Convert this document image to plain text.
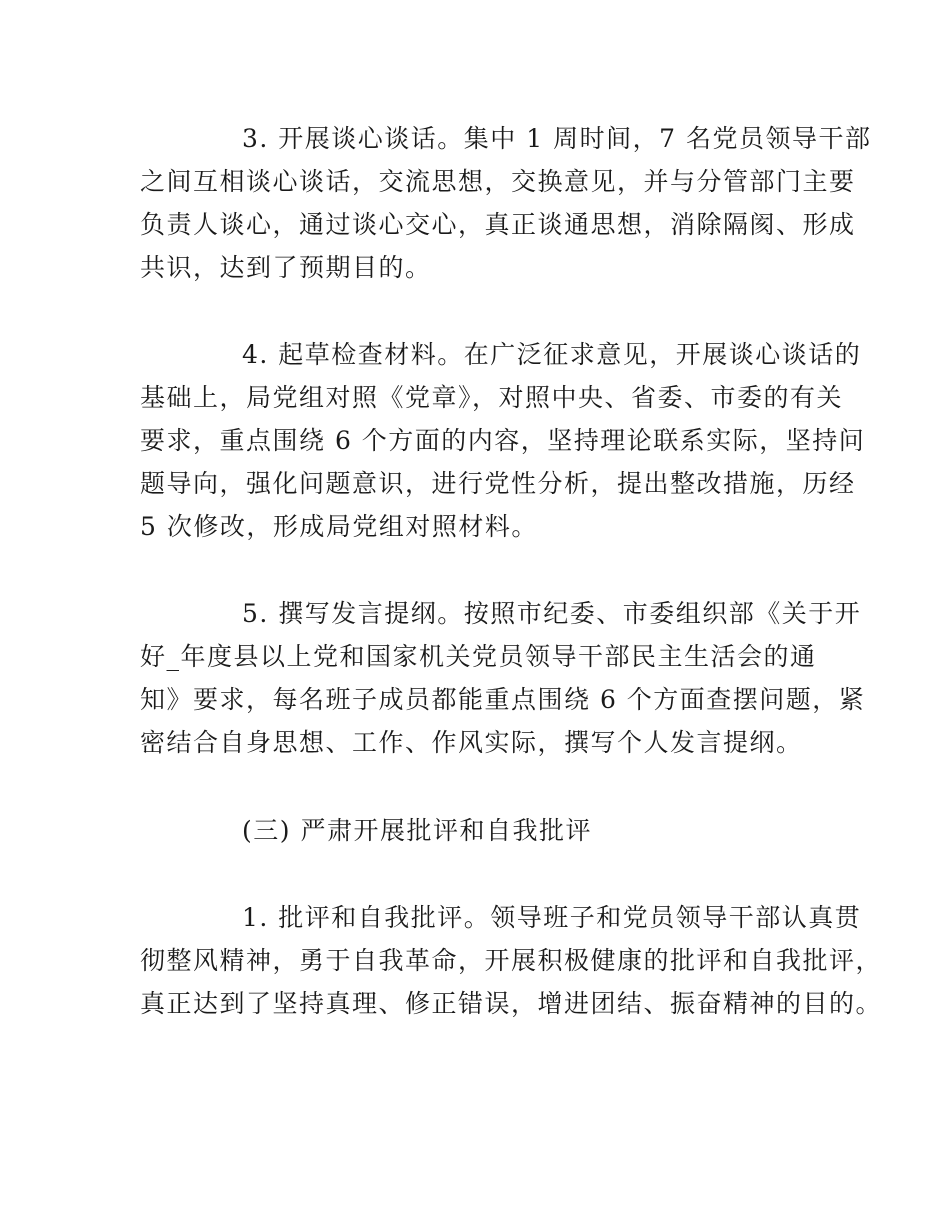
3. 开展谈心谈话。集中 1 周时间，7 名党员领导干部
之间互相谈心谈话，交流思想，交换意见，并与分管部门主要
负责人谈心，通过谈心交心，真正谈通思想，消除隔阂、形成
共识，达到了预期目的。
4. 起草检查材料。在广泛征求意见，开展谈心谈话的
基础上，局党组对照《党章》，对照中央、省委、市委的有关
要求，重点围绕 6 个方面的内容，坚持理论联系实际，坚持问
题导向，强化问题意识，进行党性分析，提出整改措施，历经
5 次修改，形成局党组对照材料。
5. 撰写发言提纲。按照市纪委、市委组织部《关于开
好_年度县以上党和国家机关党员领导干部民主生活会的通
知》要求，每名班子成员都能重点围绕 6 个方面查摆问题，紧
密结合自身思想、工作、作风实际，撰写个人发言提纲。
(三) 严肃开展批评和自我批评
1. 批评和自我批评。领导班子和党员领导干部认真贯
彻整风精神，勇于自我革命，开展积极健康的批评和自我批评，
真正达到了坚持真理、修正错误，增进团结、振奋精神的目的。
